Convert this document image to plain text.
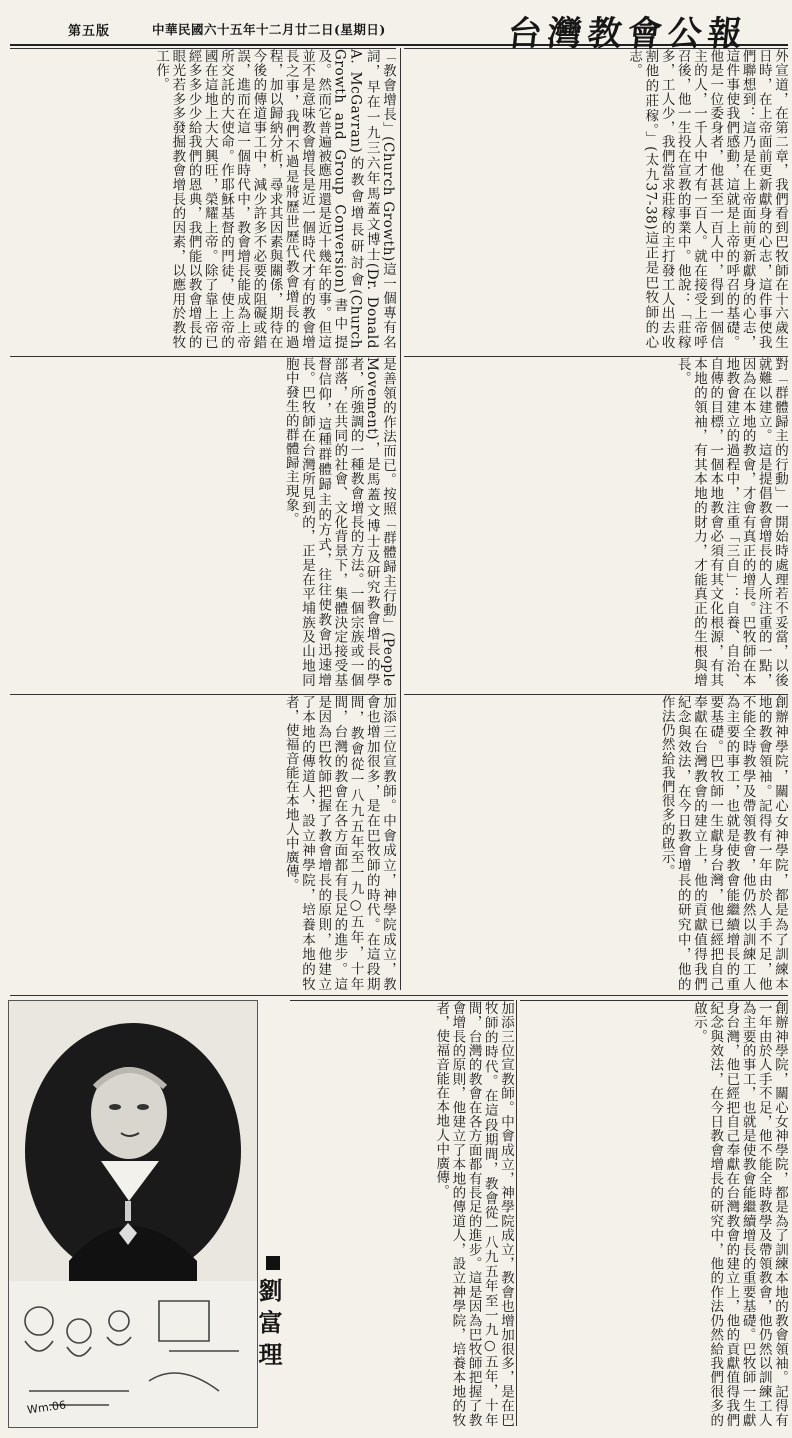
第五版	中華民國六十五年十二月廿二日(星期日)	台灣教會公報
「教會增長」(Church Growth)這一個專有名詞，早在一九三六年馬蓋文博士(Dr. Donald A. McGavran)的教會增長研討會(Church Growth and Group Conversion)書中提及。然而它普遍被應用還是近十幾年的事。但這並不是意味教會增長是近一個時代才有的教會增長之事，我們不過是將歷世歷代教會增長的過程，加以歸納分析，尋求其因素與關係，期待在今後的傳道事工中，減少許多不必要的阻礙或錯誤，進而在這一個時代中，教會增長能成為上帝所交託的大使命。作耶穌基督的門徒，使上帝的國在這地上大大興旺，榮耀上帝。除了靠上帝已經多多少少給我們的恩典，我們能以教會增長的眼光若多多發掘教會增長的因素，以應用於教牧工作。	外宣道，在第二章，我們看到巴牧師在十六歲生日時，在上帝面前更新獻身的心志，這件事使我們聯想到：這乃是在上帝面前更新獻身的心志，這件事使我們感動，這就是上帝的呼召的基礎。他是一位委身者，他甚至一百人中，得到一個信主的人，一千人中才有一百人。就在接受上帝呼召後，他一生投在宣教的事業中。他說：「莊稼多，工人少，我們當求莊稼的主打發工人出去收割他的莊稼。」(太九37-38)這正是巴牧師的心志。
是善領的作法而已。按照「群體歸主行動」(People Movement)，是馬蓋文博士及研究教會增長的學者，所強調的一種教會增長的方法。一個宗族或一個部落，在共同的社會、文化背景下，集體決定接受基督信仰，這種群體歸主的方式，往往使教會迅速增長。巴牧師在台灣所見到的，正是在平埔族及山地同胞中發生的群體歸主現象。	對「群體歸主的行動」一開始時處理若不妥當，以後就難以建立。這是提倡教會增長的人所注重的一點，因為在本地的教會，才會有真正的增長。巴牧師在本地教會建立的過程中，注重「三自」：自養、自治、自傳的目標，一個本地教會必須有其文化根源，有其本地的領袖，有其本地的財力，才能真正的生根與增長。
加添三位宣教師。中會成立，神學院成立，教會也增加很多，是在巴牧師的時代。在這段期間，教會從一八九五年至一九○五年，十年間，台灣的教會在各方面都有長足的進步。這是因為巴牧師把握了教會增長的原則，他建立了本地的傳道人，設立神學院，培養本地的牧者，使福音能在本地人中廣傳。	創辦神學院，關心女神學院，都是為了訓練本地的教會領袖。記得有一年由於人手不足，他不能全時教學及帶領教會，他仍然以訓練工人為主要的事工，也就是使教會能繼續增長的重要基礎。巴牧師一生獻身台灣，他已經把自己奉獻在台灣教會的建立上，他的貢獻值得我們紀念與效法，在今日教會增長的研究中，他的作法仍然給我們很多的啟示。
加添三位宣教師。中會成立，神學院成立，教會也增加很多，是在巴牧師的時代。在這段期間，教會從一八九五年至一九○五年，十年間，台灣的教會在各方面都有長足的進步。這是因為巴牧師把握了教會增長的原則，他建立了本地的傳道人，設立神學院，培養本地的牧者，使福音能在本地人中廣傳。	創辦神學院，關心女神學院，都是為了訓練本地的教會領袖。記得有一年由於人手不足，他不能全時教學及帶領教會，他仍然以訓練工人為主要的事工，也就是使教會能繼續增長的重要基礎。巴牧師一生獻身台灣，他已經把自己奉獻在台灣教會的建立上，他的貢獻值得我們紀念與效法，在今日教會增長的研究中，他的作法仍然給我們很多的啟示。
Wm.06
劉富理
